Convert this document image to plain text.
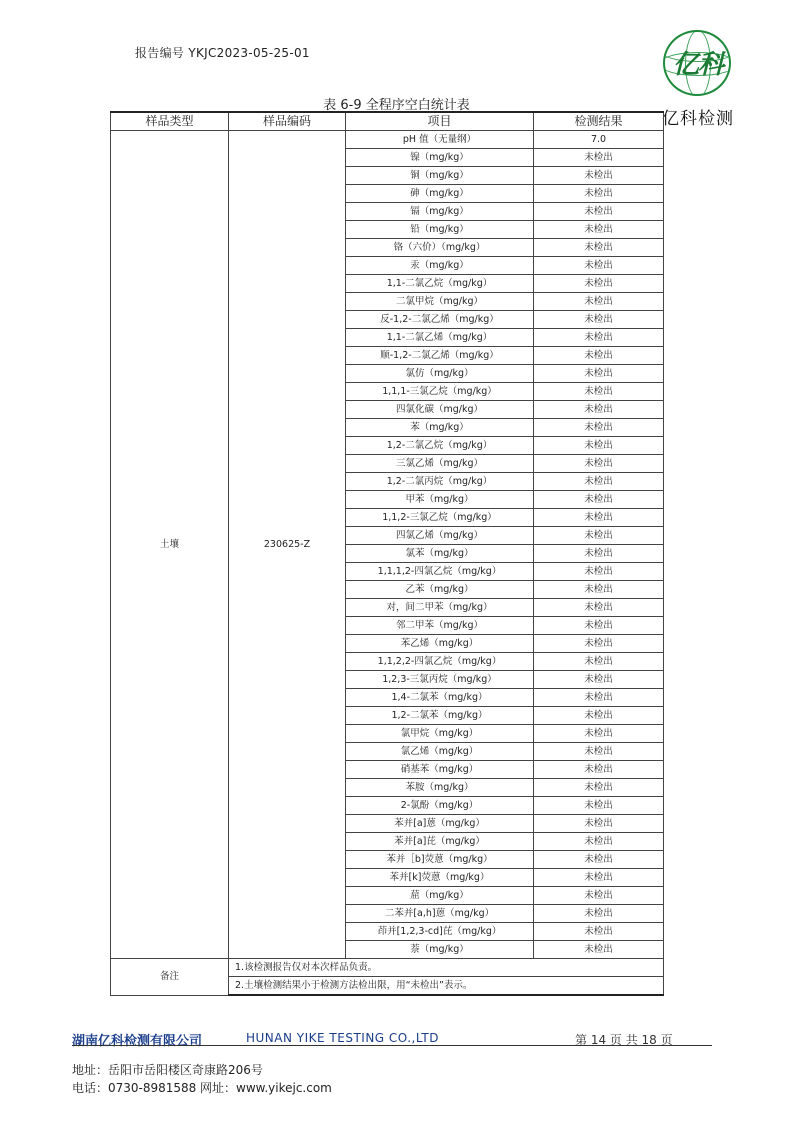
报告编号 YKJC2023-05-25-01	亿科
亿科检测
表 6-9 全程序空白统计表
样品类型	样品编码	项目	检测结果
土壤	230625-Z	pH 值（无量纲）	7.0
		镍（mg/kg）	未检出
		铜（mg/kg）	未检出
		砷（mg/kg）	未检出
		镉（mg/kg）	未检出
		铅（mg/kg）	未检出
		铬（六价）（mg/kg）	未检出
		汞（mg/kg）	未检出
		1,1-二氯乙烷（mg/kg）	未检出
		二氯甲烷（mg/kg）	未检出
		反-1,2-二氯乙烯（mg/kg）	未检出
		1,1-二氯乙烯（mg/kg）	未检出
		顺-1,2-二氯乙烯（mg/kg）	未检出
		氯仿（mg/kg）	未检出
		1,1,1-三氯乙烷（mg/kg）	未检出
		四氯化碳（mg/kg）	未检出
		苯（mg/kg）	未检出
		1,2-二氯乙烷（mg/kg）	未检出
		三氯乙烯（mg/kg）	未检出
		1,2-二氯丙烷（mg/kg）	未检出
		甲苯（mg/kg）	未检出
		1,1,2-三氯乙烷（mg/kg）	未检出
		四氯乙烯（mg/kg）	未检出
		氯苯（mg/kg）	未检出
		1,1,1,2-四氯乙烷（mg/kg）	未检出
		乙苯（mg/kg）	未检出
		对，间二甲苯（mg/kg）	未检出
		邻二甲苯（mg/kg）	未检出
		苯乙烯（mg/kg）	未检出
		1,1,2,2-四氯乙烷（mg/kg）	未检出
		1,2,3-三氯丙烷（mg/kg）	未检出
		1,4-二氯苯（mg/kg）	未检出
		1,2-二氯苯（mg/kg）	未检出
		氯甲烷（mg/kg）	未检出
		氯乙烯（mg/kg）	未检出
		硝基苯（mg/kg）	未检出
		苯胺（mg/kg）	未检出
		2-氯酚（mg/kg）	未检出
		苯并[a]蒽（mg/kg）	未检出
		苯并[a]芘（mg/kg）	未检出
		苯并［b]荧蒽（mg/kg）	未检出
		苯并[k]荧蒽（mg/kg）	未检出
		䓛（mg/kg）	未检出
		二苯并[a,h]蒽（mg/kg）	未检出
		茚并[1,2,3-cd]芘（mg/kg）	未检出
		萘（mg/kg）	未检出
备注	1.该检测报告仅对本次样品负责。		
	2.土壤检测结果小于检测方法检出限，用“未检出”表示。		
湖南亿科检测有限公司	HUNAN YIKE TESTING CO.,LTD	第 14 页 共 18 页
地址：岳阳市岳阳楼区奇康路206号
电话：0730-8981588 网址：www.yikejc.com
